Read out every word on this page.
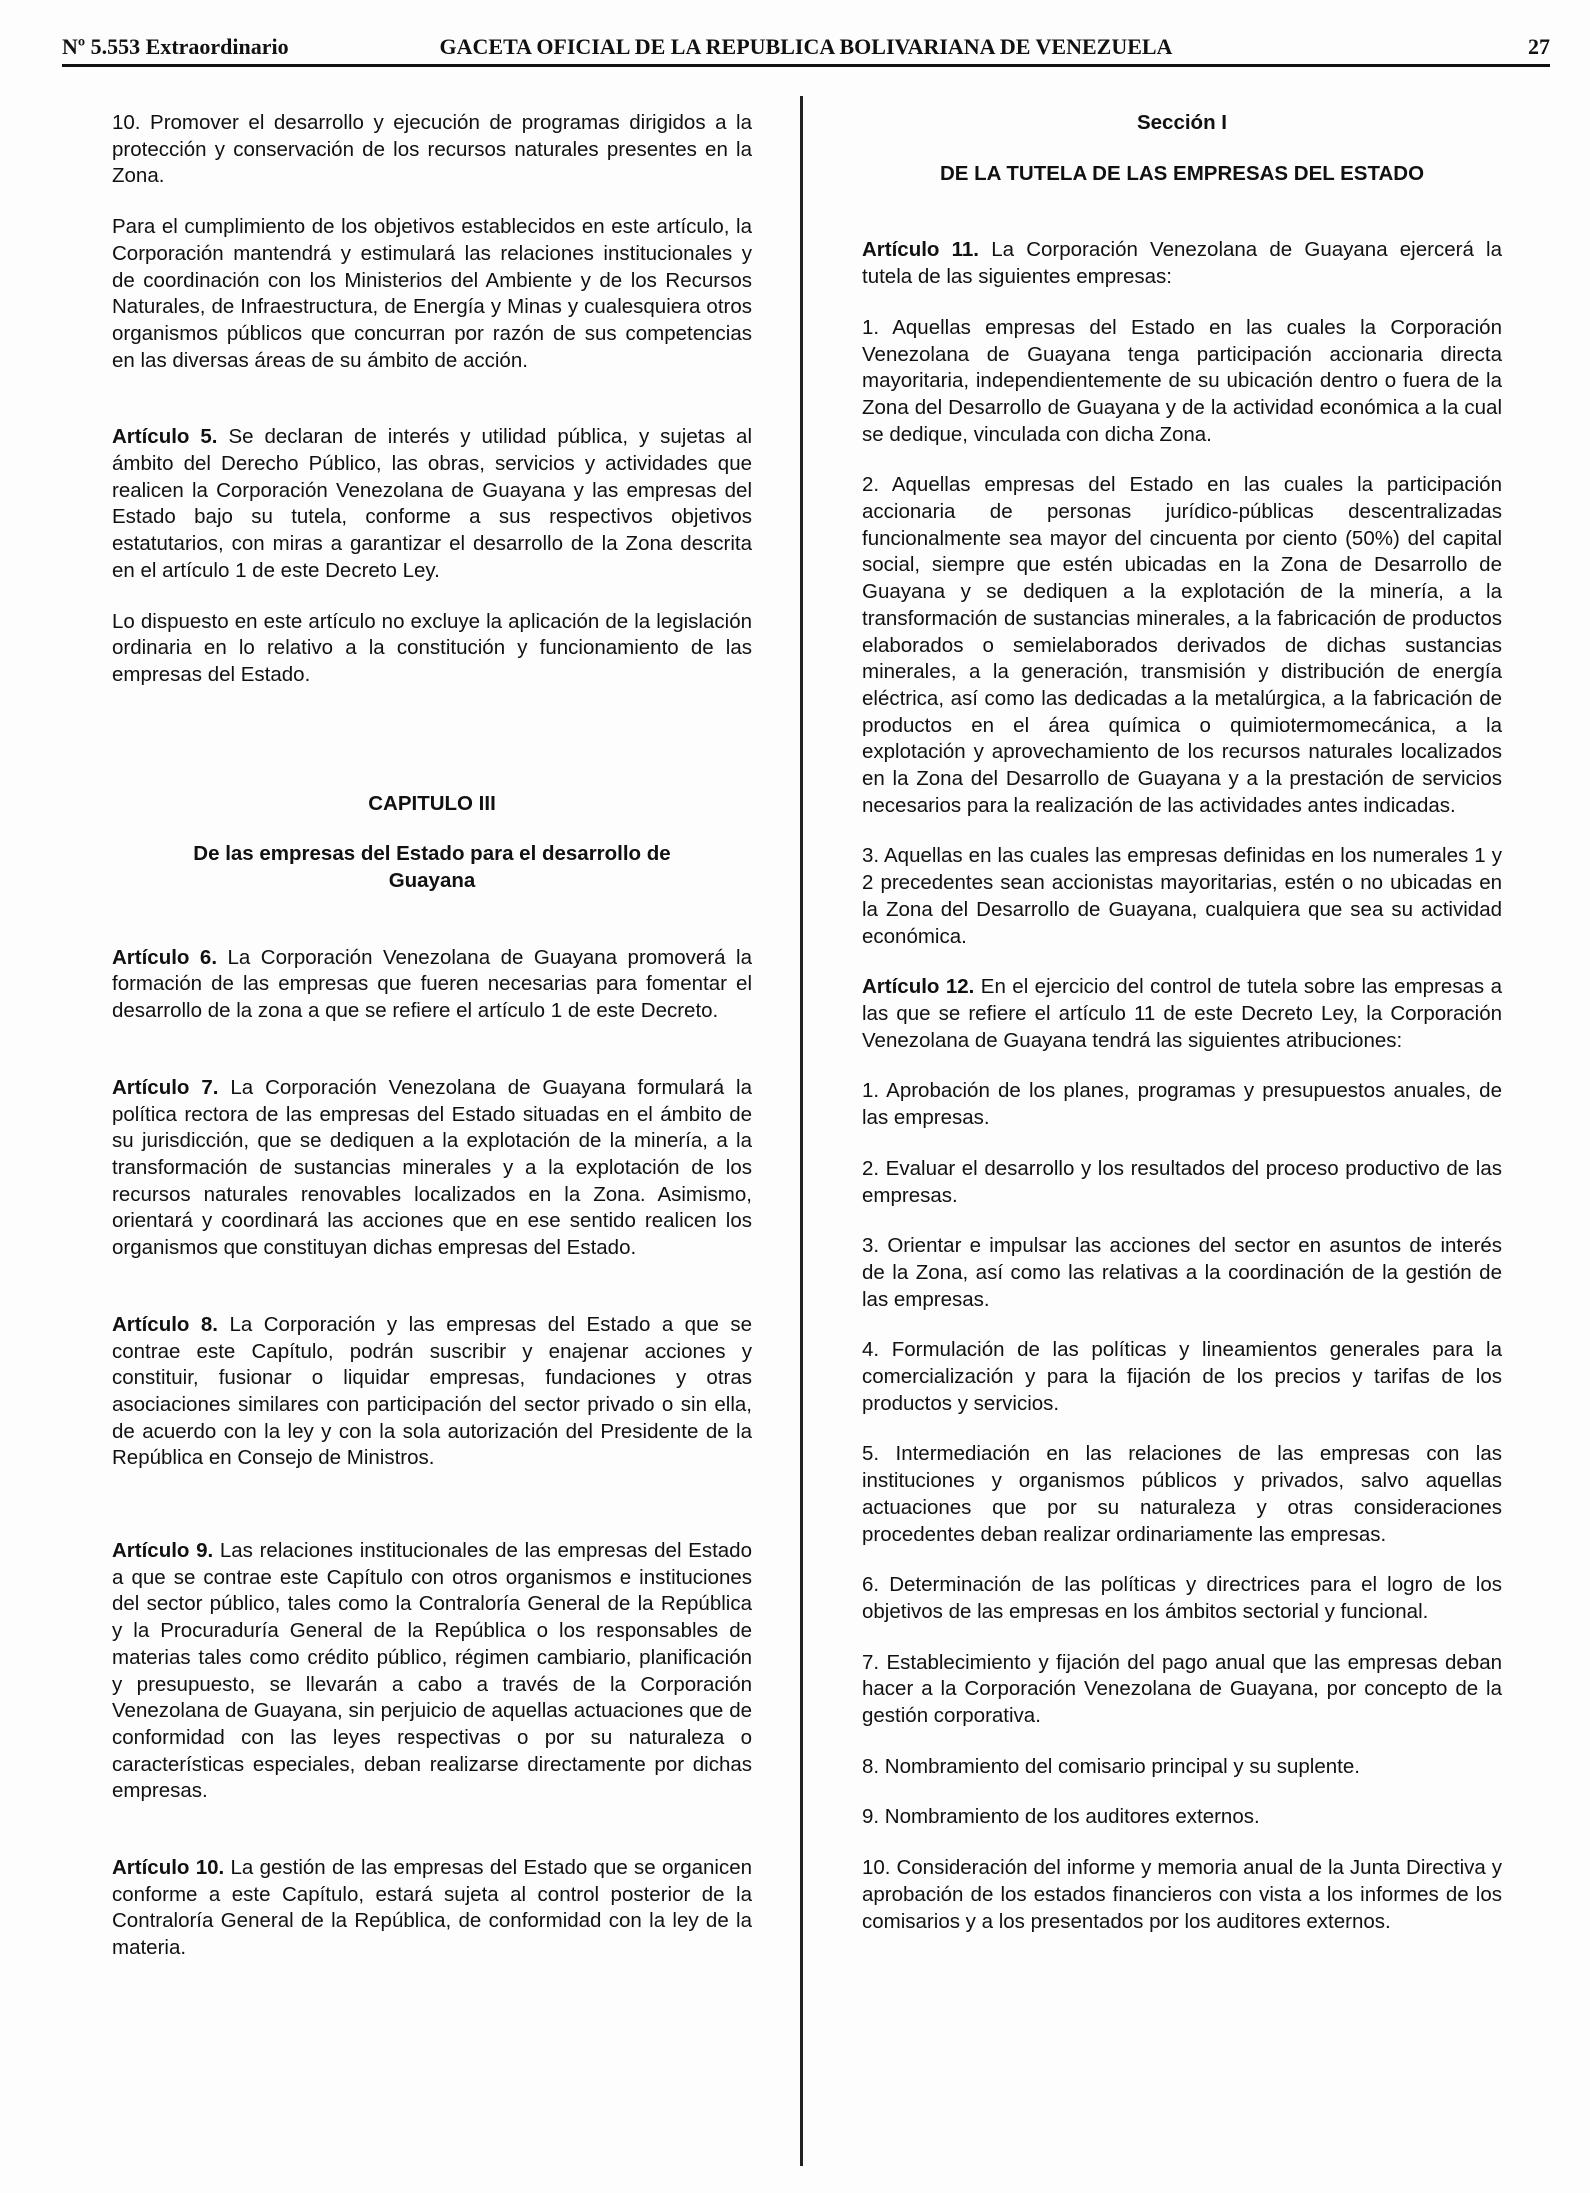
Nº 5.553 Extraordinario	GACETA OFICIAL DE LA REPUBLICA BOLIVARIANA DE VENEZUELA	27

10. Promover el desarrollo y ejecución de programas dirigidos a la protección y conservación de los recursos naturales presentes en la Zona.

Para el cumplimiento de los objetivos establecidos en este artículo, la Corporación mantendrá y estimulará las relaciones institucionales y de coordinación con los Ministerios del Ambiente y de los Recursos Naturales, de Infraestructura, de Energía y Minas y cualesquiera otros organismos públicos que concurran por razón de sus competencias en las diversas áreas de su ámbito de acción.

Artículo 5. Se declaran de interés y utilidad pública, y sujetas al ámbito del Derecho Público, las obras, servicios y actividades que realicen la Corporación Venezolana de Guayana y las empresas del Estado bajo su tutela, conforme a sus respectivos objetivos estatutarios, con miras a garantizar el desarrollo de la Zona descrita en el artículo 1 de este Decreto Ley.

Lo dispuesto en este artículo no excluye la aplicación de la legislación ordinaria en lo relativo a la constitución y funcionamiento de las empresas del Estado.

CAPITULO III

De las empresas del Estado para el desarrollo de Guayana

Artículo 6. La Corporación Venezolana de Guayana promoverá la formación de las empresas que fueren necesarias para fomentar el desarrollo de la zona a que se refiere el artículo 1 de este Decreto.

Artículo 7. La Corporación Venezolana de Guayana formulará la política rectora de las empresas del Estado situadas en el ámbito de su jurisdicción, que se dediquen a la explotación de la minería, a la transformación de sustancias minerales y a la explotación de los recursos naturales renovables localizados en la Zona. Asimismo, orientará y coordinará las acciones que en ese sentido realicen los organismos que constituyan dichas empresas del Estado.

Artículo 8. La Corporación y las empresas del Estado a que se contrae este Capítulo, podrán suscribir y enajenar acciones y constituir, fusionar o liquidar empresas, fundaciones y otras asociaciones similares con participación del sector privado o sin ella, de acuerdo con la ley y con la sola autorización del Presidente de la República en Consejo de Ministros.

Artículo 9. Las relaciones institucionales de las empresas del Estado a que se contrae este Capítulo con otros organismos e instituciones del sector público, tales como la Contraloría General de la República y la Procuraduría General de la República o los responsables de materias tales como crédito público, régimen cambiario, planificación y presupuesto, se llevarán a cabo a través de la Corporación Venezolana de Guayana, sin perjuicio de aquellas actuaciones que de conformidad con las leyes respectivas o por su naturaleza o características especiales, deban realizarse directamente por dichas empresas.

Artículo 10. La gestión de las empresas del Estado que se organicen conforme a este Capítulo, estará sujeta al control posterior de la Contraloría General de la República, de conformidad con la ley de la materia.

Sección I

DE LA TUTELA DE LAS EMPRESAS DEL ESTADO

Artículo 11. La Corporación Venezolana de Guayana ejercerá la tutela de las siguientes empresas:

1. Aquellas empresas del Estado en las cuales la Corporación Venezolana de Guayana tenga participación accionaria directa mayoritaria, independientemente de su ubicación dentro o fuera de la Zona del Desarrollo de Guayana y de la actividad económica a la cual se dedique, vinculada con dicha Zona.

2. Aquellas empresas del Estado en las cuales la participación accionaria de personas jurídico-públicas descentralizadas funcionalmente sea mayor del cincuenta por ciento (50%) del capital social, siempre que estén ubicadas en la Zona de Desarrollo de Guayana y se dediquen a la explotación de la minería, a la transformación de sustancias minerales, a la fabricación de productos elaborados o semielaborados derivados de dichas sustancias minerales, a la generación, transmisión y distribución de energía eléctrica, así como las dedicadas a la metalúrgica, a la fabricación de productos en el área química o quimiotermomecánica, a la explotación y aprovechamiento de los recursos naturales localizados en la Zona del Desarrollo de Guayana y a la prestación de servicios necesarios para la realización de las actividades antes indicadas.

3. Aquellas en las cuales las empresas definidas en los numerales 1 y 2 precedentes sean accionistas mayoritarias, estén o no ubicadas en la Zona del Desarrollo de Guayana, cualquiera que sea su actividad económica.

Artículo 12. En el ejercicio del control de tutela sobre las empresas a las que se refiere el artículo 11 de este Decreto Ley, la Corporación Venezolana de Guayana tendrá las siguientes atribuciones:

1. Aprobación de los planes, programas y presupuestos anuales, de las empresas.

2. Evaluar el desarrollo y los resultados del proceso productivo de las empresas.

3. Orientar e impulsar las acciones del sector en asuntos de interés de la Zona, así como las relativas a la coordinación de la gestión de las empresas.

4. Formulación de las políticas y lineamientos generales para la comercialización y para la fijación de los precios y tarifas de los productos y servicios.

5. Intermediación en las relaciones de las empresas con las instituciones y organismos públicos y privados, salvo aquellas actuaciones que por su naturaleza y otras consideraciones procedentes deban realizar ordinariamente las empresas.

6. Determinación de las políticas y directrices para el logro de los objetivos de las empresas en los ámbitos sectorial y funcional.

7. Establecimiento y fijación del pago anual que las empresas deban hacer a la Corporación Venezolana de Guayana, por concepto de la gestión corporativa.

8. Nombramiento del comisario principal y su suplente.

9. Nombramiento de los auditores externos.

10. Consideración del informe y memoria anual de la Junta Directiva y aprobación de los estados financieros con vista a los informes de los comisarios y a los presentados por los auditores externos.
